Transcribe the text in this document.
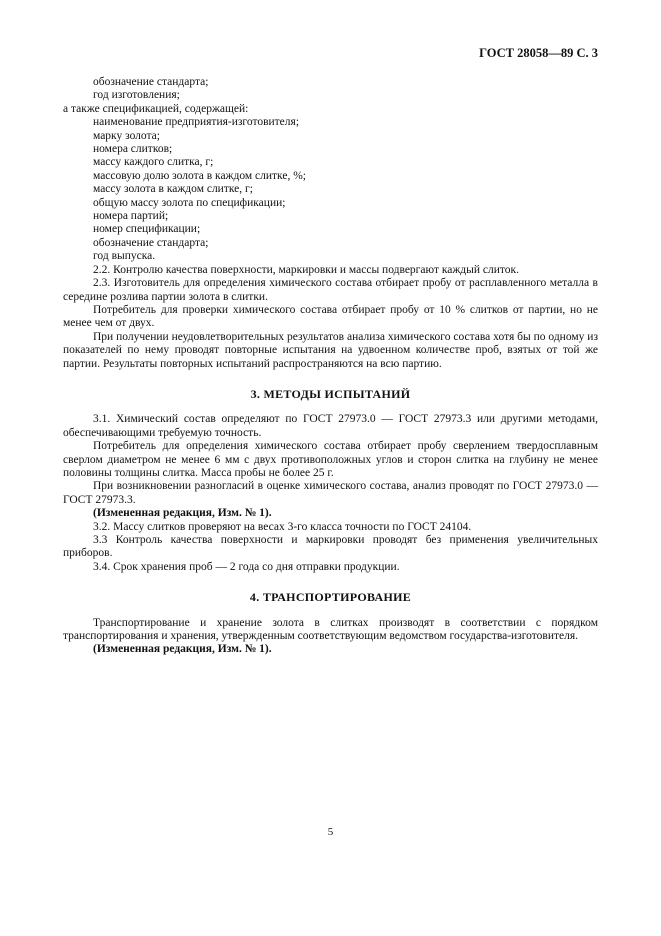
ГОСТ 28058—89 С. 3
обозначение стандарта;
год изготовления;
а также спецификацией, содержащей:
наименование предприятия-изготовителя;
марку золота;
номера слитков;
массу каждого слитка, г;
массовую долю золота в каждом слитке, %;
массу золота в каждом слитке, г;
общую массу золота по спецификации;
номера партий;
номер спецификации;
обозначение стандарта;
год выпуска.
2.2. Контролю качества поверхности, маркировки и массы подвергают каждый слиток.
2.3. Изготовитель для определения химического состава отбирает пробу от расплавленного металла в середине розлива партии золота в слитки.
Потребитель для проверки химического состава отбирает пробу от 10 % слитков от партии, но не менее чем от двух.
При получении неудовлетворительных результатов анализа химического состава хотя бы по одному из показателей по нему проводят повторные испытания на удвоенном количестве проб, взятых от той же партии. Результаты повторных испытаний распространяются на всю партию.
3. МЕТОДЫ ИСПЫТАНИЙ
3.1. Химический состав определяют по ГОСТ 27973.0 — ГОСТ 27973.3 или другими методами, обеспечивающими требуемую точность.
Потребитель для определения химического состава отбирает пробу сверлением твердосплавным сверлом диаметром не менее 6 мм с двух противоположных углов и сторон слитка на глубину не менее половины толщины слитка. Масса пробы не более 25 г.
При возникновении разногласий в оценке химического состава, анализ проводят по ГОСТ 27973.0 — ГОСТ 27973.3.
(Измененная редакция, Изм. № 1).
3.2. Массу слитков проверяют на весах 3-го класса точности по ГОСТ 24104.
3.3 Контроль качества поверхности и маркировки проводят без применения увеличительных приборов.
3.4. Срок хранения проб — 2 года со дня отправки продукции.
4. ТРАНСПОРТИРОВАНИЕ
Транспортирование и хранение золота в слитках производят в соответствии с порядком транспортирования и хранения, утвержденным соответствующим ведомством государства-изготовителя.
(Измененная редакция, Изм. № 1).
5
